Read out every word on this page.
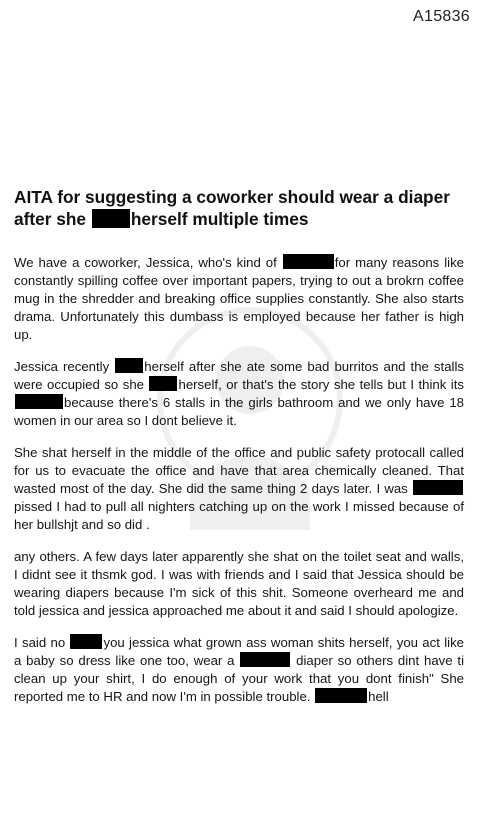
A15836
AITA for suggesting a coworker should wear a diaper after she	herself multiple times

We have a coworker, Jessica, who's kind of	for many reasons like constantly spilling coffee over important papers, trying to out a brokrn coffee mug in the shredder and breaking office supplies constantly. She also starts drama. Unfortunately this dumbass is employed because her father is high up.

Jessica recently	herself after she ate some bad burritos and the stalls were occupied so she	herself, or that's the story she tells but I think its because there's 6 stalls in the girls bathroom and we only have 18 women in our area so I dont believe it.

She shat herself in the middle of the office and public safety protocall called for us to evacuate the office and have that area chemically cleaned. That wasted most of the day. She did the same thing 2 days later. I was  pissed I had to pull all nighters catching up on the work I missed because of her bullshjt and so did .

any others. A few days later apparently she shat on the toilet seat and walls, I didnt see it thsmk god. I was with friends and I said that Jessica should be wearing diapers because I'm sick of this shit. Someone overheard me and told jessica and jessica approached me about it and said I should apologize.

I said no	you jessica what grown ass woman shits herself, you act like a baby so dress like one too, wear a	diaper so others dint have ti clean up your shirt, I do enough of your work that you dont finish" She reported me to HR and now I'm in possible trouble.	hell
